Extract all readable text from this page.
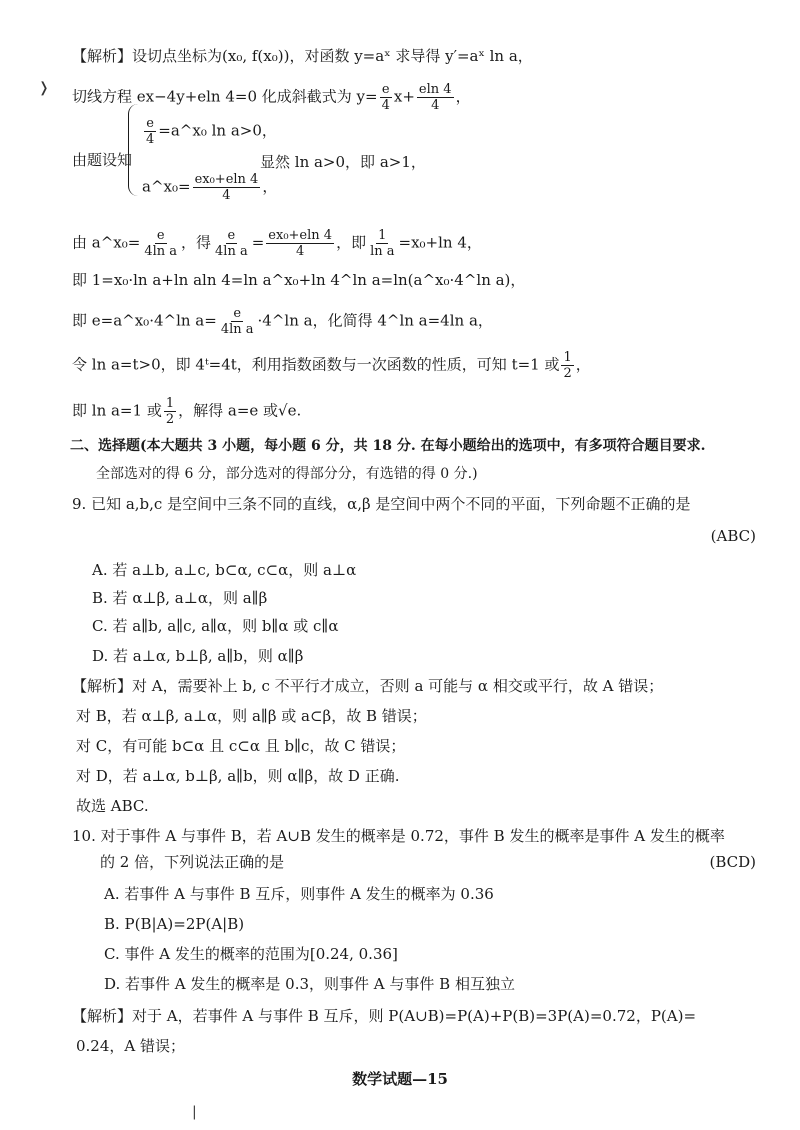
【解析】设切点坐标为(x₀, f(x₀))，对函数 y=aˣ 求导得 y′=aˣ ln a，
切线方程 ex−4y+eln 4=0 化成斜截式为 $y= \frac{e}{4} x+ \frac{eln 4}{4}$ ，
由题设知
$\frac{e}{4}$ =a^x₀ ln a>0，
a^x₀= $\frac{\text{ex₀+eln 4}}{4}$ ，
显然 ln a>0，即 a>1，
由 a^x₀= $\frac{e}{\text{4ln a}}$ ，得 $\frac{e}{\text{4ln a}} = \frac{\text{ex₀+eln 4}}{4}$ ，即 $\frac{1}{\text{ln a}} =x_0+\ln$ 4，
即 1=x₀·ln a+ln aln 4=ln a^x₀+ln 4^ln a=ln(a^x₀·4^ln a)，
即 e=a^x₀·4^ln $a= \frac{e}{\text{4ln a}}$ ·4^ln a，化简得 4^ln a=4ln a，
令 ln a=t>0，即 4ᵗ=4t，利用指数函数与一次函数的性质，可知 t=1 或 $\frac{1}{2}$ ，
即 ln a=1 或 $\frac{1}{2}$ ，解得 a=e 或√e.
二、选择题(本大题共 3 小题，每小题 6 分，共 18 分. 在每小题给出的选项中，有多项符合题目要求.
全部选对的得 6 分，部分选对的得部分分，有选错的得 0 分.)
9. 已知 a,b,c 是空间中三条不同的直线，α,β 是空间中两个不同的平面，下列命题不正确的是
(ABC)
A. 若 a⊥b, a⊥c, b⊂α, c⊂α，则 a⊥α
B. 若 α⊥β, a⊥α，则 a∥β
C. 若 a∥b, a∥c, a∥α，则 b∥α 或 c∥α
D. 若 a⊥α, b⊥β, a∥b，则 α∥β
【解析】对 A，需要补上 b, c 不平行才成立，否则 a 可能与 α 相交或平行，故 A 错误；
对 B，若 α⊥β, a⊥α，则 a∥β 或 a⊂β，故 B 错误；
对 C，有可能 b⊂α 且 c⊂α 且 b∥c，故 C 错误；
对 D，若 a⊥α, b⊥β, a∥b，则 α∥β，故 D 正确.
故选 ABC.
10. 对于事件 A 与事件 B，若 A∪B 发生的概率是 0.72，事件 B 发生的概率是事件 A 发生的概率
的 2 倍，下列说法正确的是	(BCD)
A. 若事件 A 与事件 B 互斥，则事件 A 发生的概率为 0.36
B. P(B|A)=2P(A|B)
C. 事件 A 发生的概率的范围为[0.24, 0.36]
D. 若事件 A 发生的概率是 0.3，则事件 A 与事件 B 相互独立
【解析】对于 A，若事件 A 与事件 B 互斥，则 P(A∪B)=P(A)+P(B)=3P(A)=0.72，P(A)=
0.24，A 错误；
数学试题—15
❭
|
